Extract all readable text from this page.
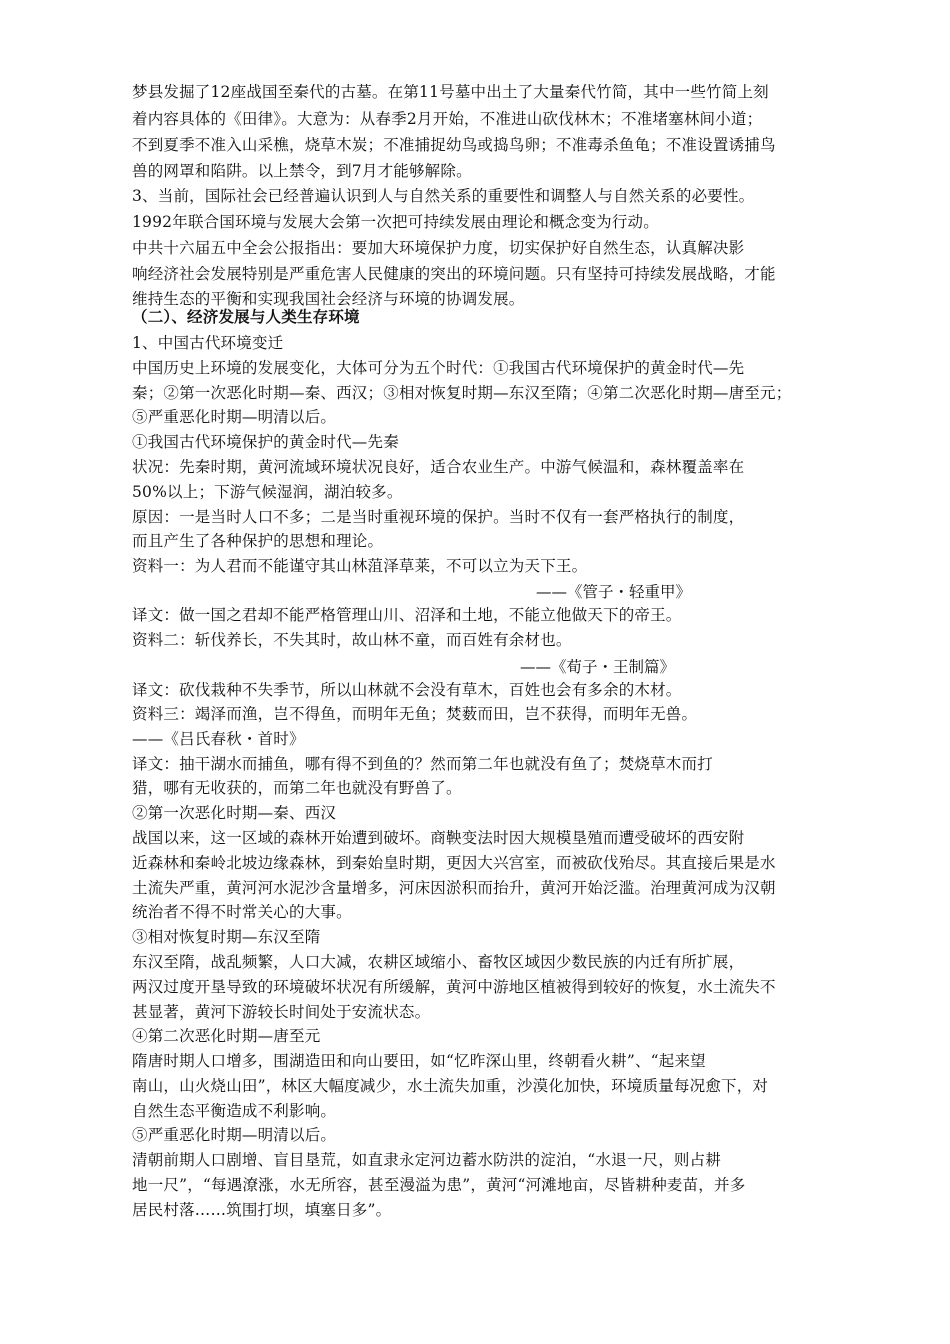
梦县发掘了12座战国至秦代的古墓。在第11号墓中出土了大量秦代竹简，其中一些竹简上刻
着内容具体的《田律》。大意为：从春季2月开始，不准进山砍伐林木；不准堵塞林间小道；
不到夏季不准入山采樵，烧草木炭；不准捕捉幼鸟或捣鸟卵；不准毒杀鱼龟；不准设置诱捕鸟
兽的网罩和陷阱。以上禁令，到7月才能够解除。
3、当前，国际社会已经普遍认识到人与自然关系的重要性和调整人与自然关系的必要性。
1992年联合国环境与发展大会第一次把可持续发展由理论和概念变为行动。
中共十六届五中全会公报指出：要加大环境保护力度，切实保护好自然生态，认真解决影
响经济社会发展特别是严重危害人民健康的突出的环境问题。只有坚持可持续发展战略，才能
维持生态的平衡和实现我国社会经济与环境的协调发展。
（二）、经济发展与人类生存环境
1、中国古代环境变迁
中国历史上环境的发展变化，大体可分为五个时代：①我国古代环境保护的黄金时代—先
秦；②第一次恶化时期—秦、西汉；③相对恢复时期—东汉至隋；④第二次恶化时期—唐至元；
⑤严重恶化时期—明清以后。
①我国古代环境保护的黄金时代—先秦
状况：先秦时期，黄河流域环境状况良好，适合农业生产。中游气候温和，森林覆盖率在
50%以上；下游气候湿润，湖泊较多。
原因：一是当时人口不多；二是当时重视环境的保护。当时不仅有一套严格执行的制度，
而且产生了各种保护的思想和理论。
资料一：为人君而不能谨守其山林菹泽草莱，不可以立为天下王。
——《管子・轻重甲》
译文：做一国之君却不能严格管理山川、沼泽和土地，不能立他做天下的帝王。
资料二：斩伐养长，不失其时，故山林不童，而百姓有余材也。
——《荀子・王制篇》
译文：砍伐栽种不失季节，所以山林就不会没有草木，百姓也会有多余的木材。
资料三：竭泽而渔，岂不得鱼，而明年无鱼；焚薮而田，岂不获得，而明年无兽。
——《吕氏春秋・首时》
译文：抽干湖水而捕鱼，哪有得不到鱼的？然而第二年也就没有鱼了；焚烧草木而打
猎，哪有无收获的，而第二年也就没有野兽了。
②第一次恶化时期—秦、西汉
战国以来，这一区域的森林开始遭到破坏。商鞅变法时因大规模垦殖而遭受破坏的西安附
近森林和秦岭北坡边缘森林，到秦始皇时期，更因大兴宫室，而被砍伐殆尽。其直接后果是水
土流失严重，黄河河水泥沙含量增多，河床因淤积而抬升，黄河开始泛滥。治理黄河成为汉朝
统治者不得不时常关心的大事。
③相对恢复时期—东汉至隋
东汉至隋，战乱频繁，人口大减，农耕区域缩小、畜牧区域因少数民族的内迁有所扩展，
两汉过度开垦导致的环境破坏状况有所缓解，黄河中游地区植被得到较好的恢复，水土流失不
甚显著，黄河下游较长时间处于安流状态。
④第二次恶化时期—唐至元
隋唐时期人口增多，围湖造田和向山要田，如“忆昨深山里，终朝看火耕”、“起来望
南山，山火烧山田”，林区大幅度减少，水土流失加重，沙漠化加快，环境质量每况愈下，对
自然生态平衡造成不利影响。
⑤严重恶化时期—明清以后。
清朝前期人口剧增、盲目垦荒，如直隶永定河边蓄水防洪的淀泊，“水退一尺，则占耕
地一尺”，“每遇潦涨，水无所容，甚至漫溢为患”，黄河“河滩地亩，尽皆耕种麦苗，并多
居民村落……筑围打坝，填塞日多”。
